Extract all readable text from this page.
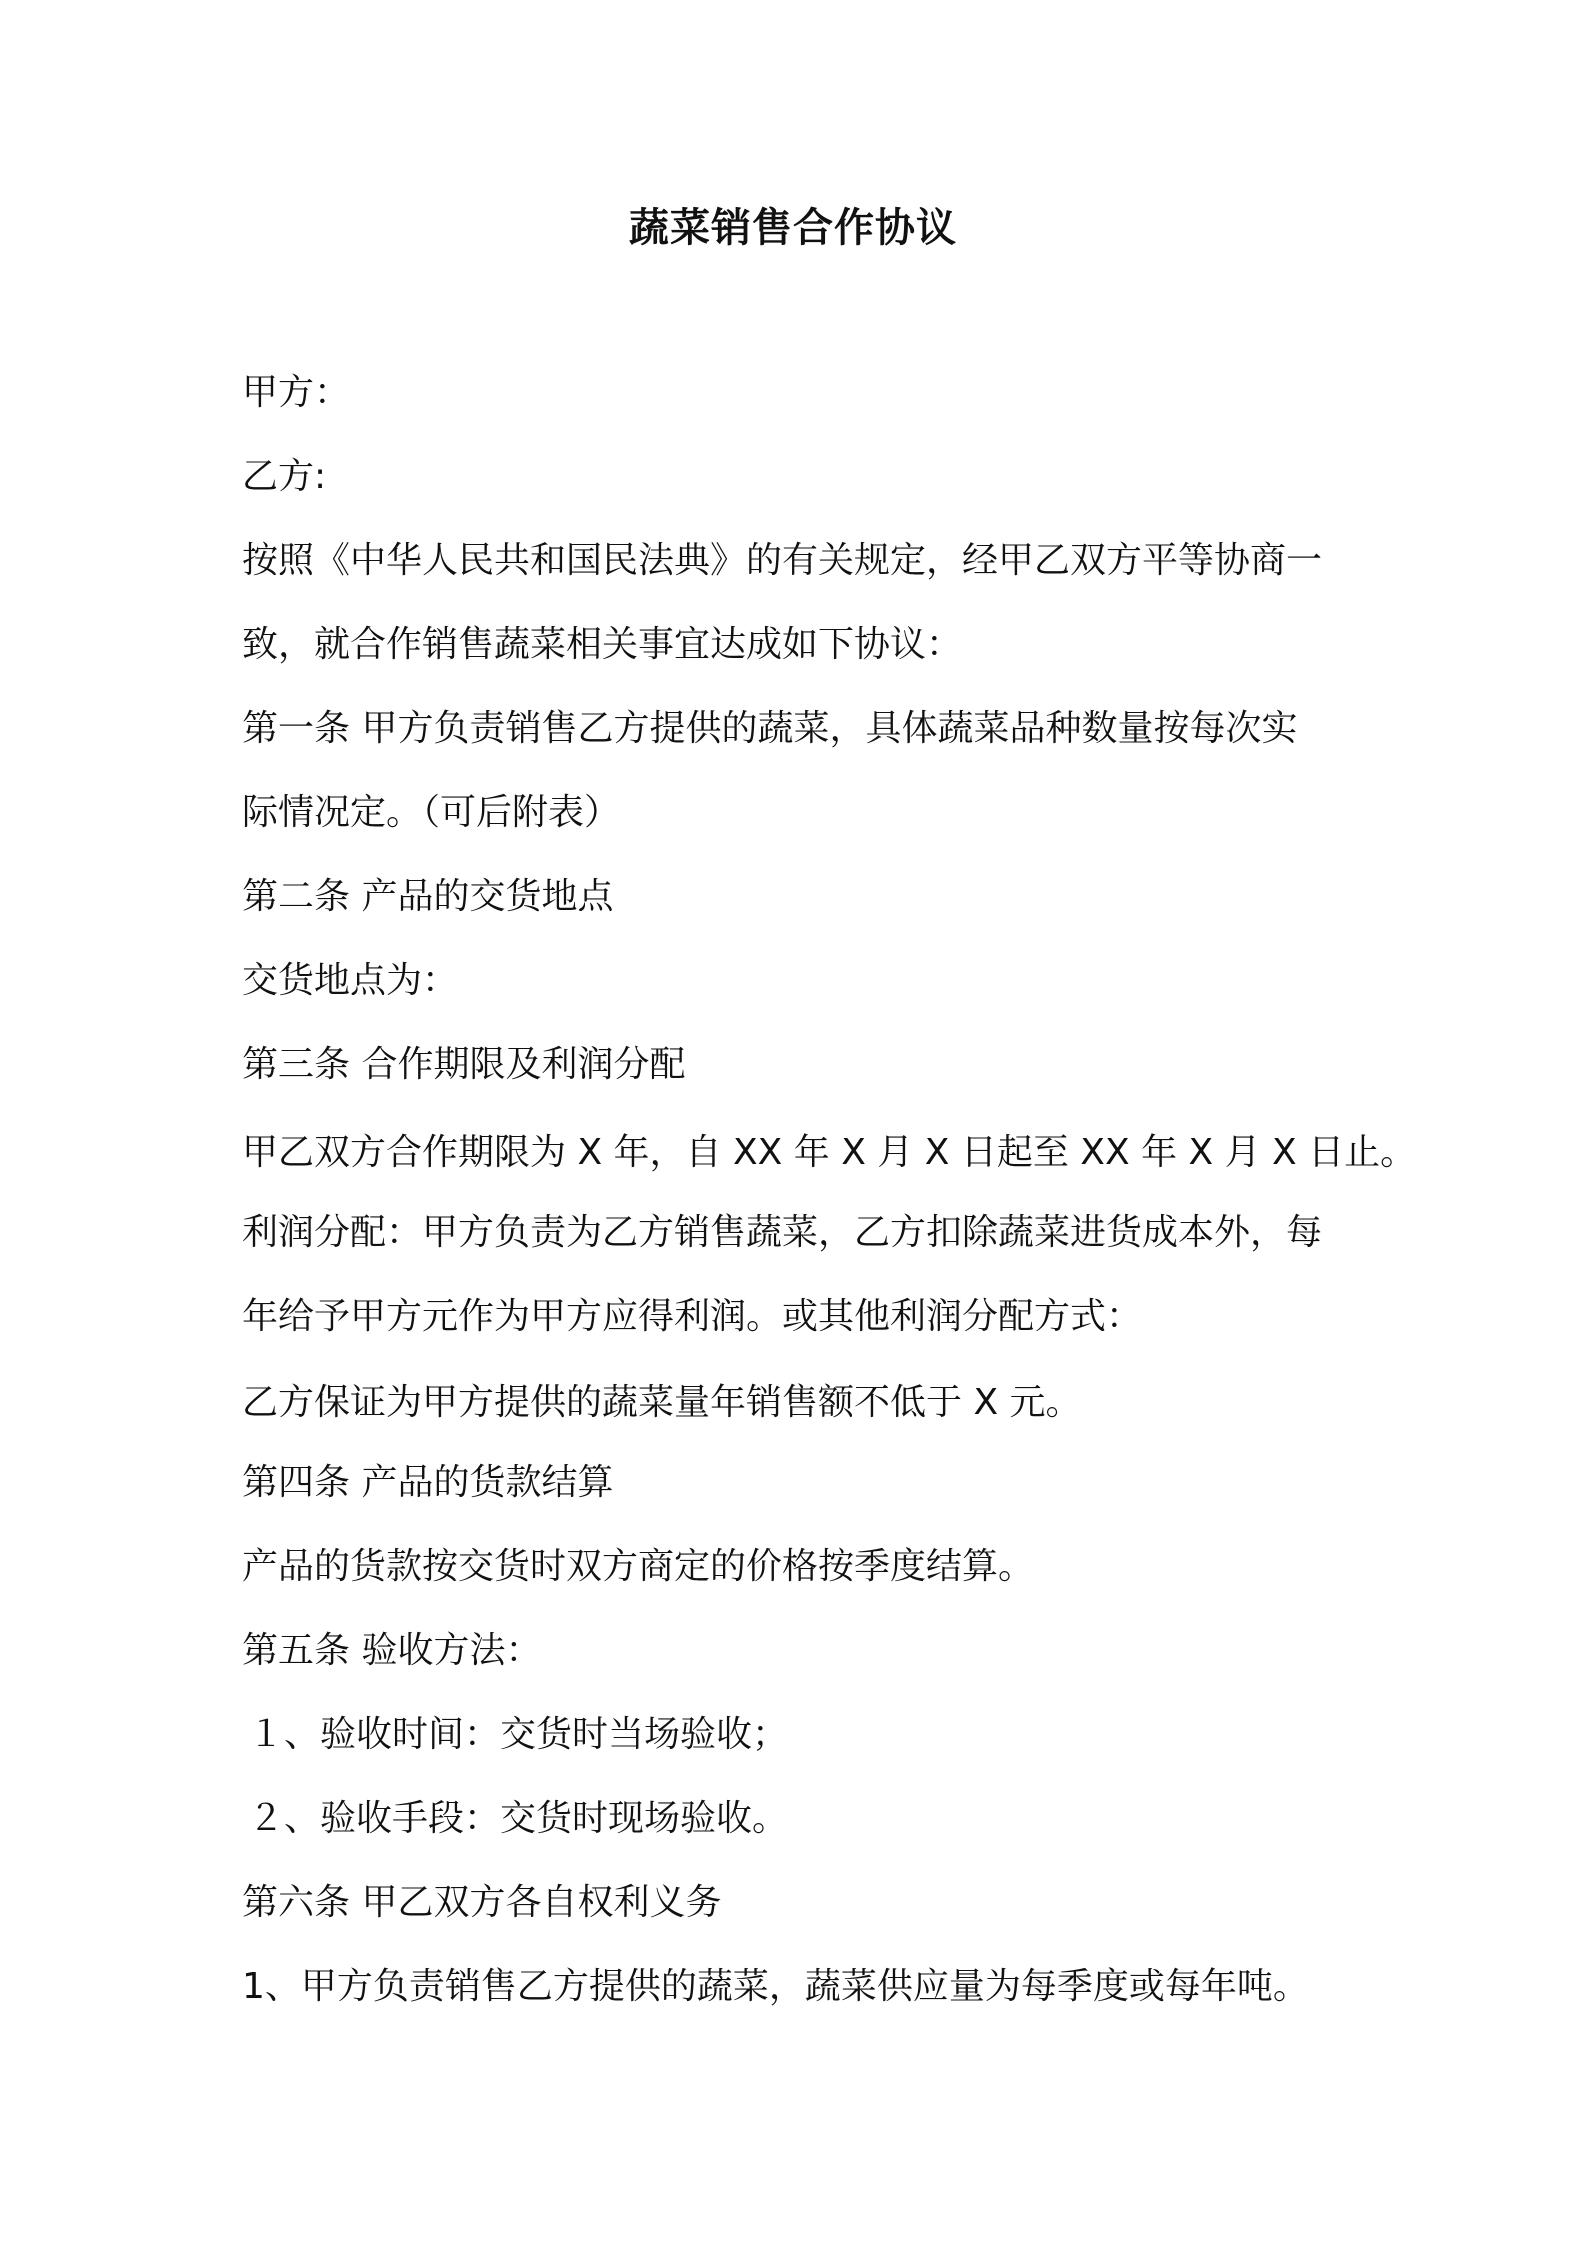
蔬菜销售合作协议
甲方：
乙方:
按照《中华人民共和国民法典》的有关规定，经甲乙双方平等协商一
致，就合作销售蔬菜相关事宜达成如下协议：
第一条 甲方负责销售乙方提供的蔬菜，具体蔬菜品种数量按每次实
际情况定。（可后附表）
第二条 产品的交货地点
交货地点为：
第三条 合作期限及利润分配
甲乙双方合作期限为 X 年，自 XX 年 X 月 X 日起至 XX 年 X 月 X 日止。
利润分配：甲方负责为乙方销售蔬菜，乙方扣除蔬菜进货成本外，每
年给予甲方元作为甲方应得利润。或其他利润分配方式：
乙方保证为甲方提供的蔬菜量年销售额不低于 X 元。
第四条 产品的货款结算
产品的货款按交货时双方商定的价格按季度结算。
第五条 验收方法：
１、验收时间：交货时当场验收；
２、验收手段：交货时现场验收。
第六条 甲乙双方各自权利义务
1、甲方负责销售乙方提供的蔬菜，蔬菜供应量为每季度或每年吨。
